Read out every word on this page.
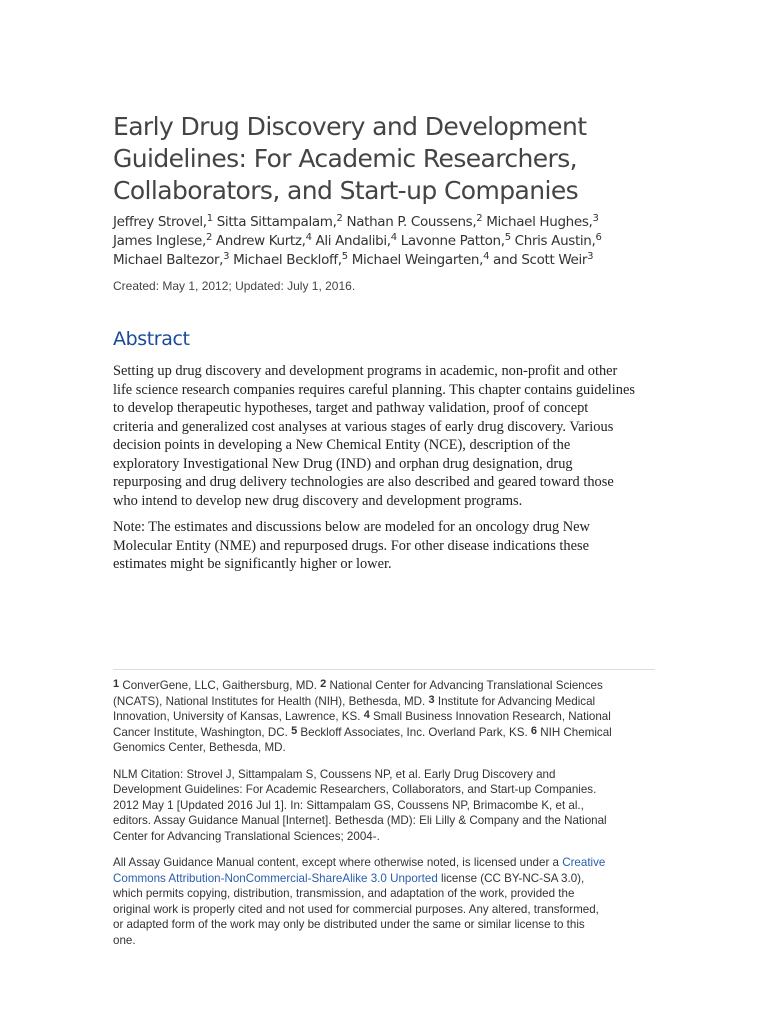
Early Drug Discovery and Development
Guidelines: For Academic Researchers,
Collaborators, and Start-up Companies
Jeffrey Strovel,$^1$ Sitta Sittampalam,$^2$ Nathan P. Coussens,$^2$ Michael Hughes,$^3$
James Inglese,$^2$ Andrew Kurtz,$^4$ Ali Andalibi,$^4$ Lavonne Patton,$^5$ Chris Austin,$^6$
Michael Baltezor,$^3$ Michael Beckloff,$^5$ Michael Weingarten,$^4$ and Scott Weir$^3$
Created: May 1, 2012; Updated: July 1, 2016.
Abstract

Setting up drug discovery and development programs in academic, non-profit and other
life science research companies requires careful planning. This chapter contains guidelines
to develop therapeutic hypotheses, target and pathway validation, proof of concept
criteria and generalized cost analyses at various stages of early drug discovery. Various
decision points in developing a New Chemical Entity (NCE), description of the
exploratory Investigational New Drug (IND) and orphan drug designation, drug
repurposing and drug delivery technologies are also described and geared toward those
who intend to develop new drug discovery and development programs.

Note: The estimates and discussions below are modeled for an oncology drug New
Molecular Entity (NME) and repurposed drugs. For other disease indications these
estimates might be significantly higher or lower.

$^1$ ConverGene, LLC, Gaithersburg, MD. $^2$ National Center for Advancing Translational Sciences
(NCATS), National Institutes for Health (NIH), Bethesda, MD. $^3$ Institute for Advancing Medical
Innovation, University of Kansas, Lawrence, KS. $^4$ Small Business Innovation Research, National
Cancer Institute, Washington, DC. $^5$ Beckloff Associates, Inc. Overland Park, KS. $^6$ NIH Chemical
Genomics Center, Bethesda, MD.

NLM Citation: Strovel J, Sittampalam S, Coussens NP, et al. Early Drug Discovery and
Development Guidelines: For Academic Researchers, Collaborators, and Start-up Companies.
2012 May 1 [Updated 2016 Jul 1]. In: Sittampalam GS, Coussens NP, Brimacombe K, et al.,
editors. Assay Guidance Manual [Internet]. Bethesda (MD): Eli Lilly & Company and the National
Center for Advancing Translational Sciences; 2004-.

All Assay Guidance Manual content, except where otherwise noted, is licensed under a Creative
Commons Attribution-NonCommercial-ShareAlike 3.0 Unported license (CC BY-NC-SA 3.0),
which permits copying, distribution, transmission, and adaptation of the work, provided the
original work is properly cited and not used for commercial purposes. Any altered, transformed,
or adapted form of the work may only be distributed under the same or similar license to this
one.
